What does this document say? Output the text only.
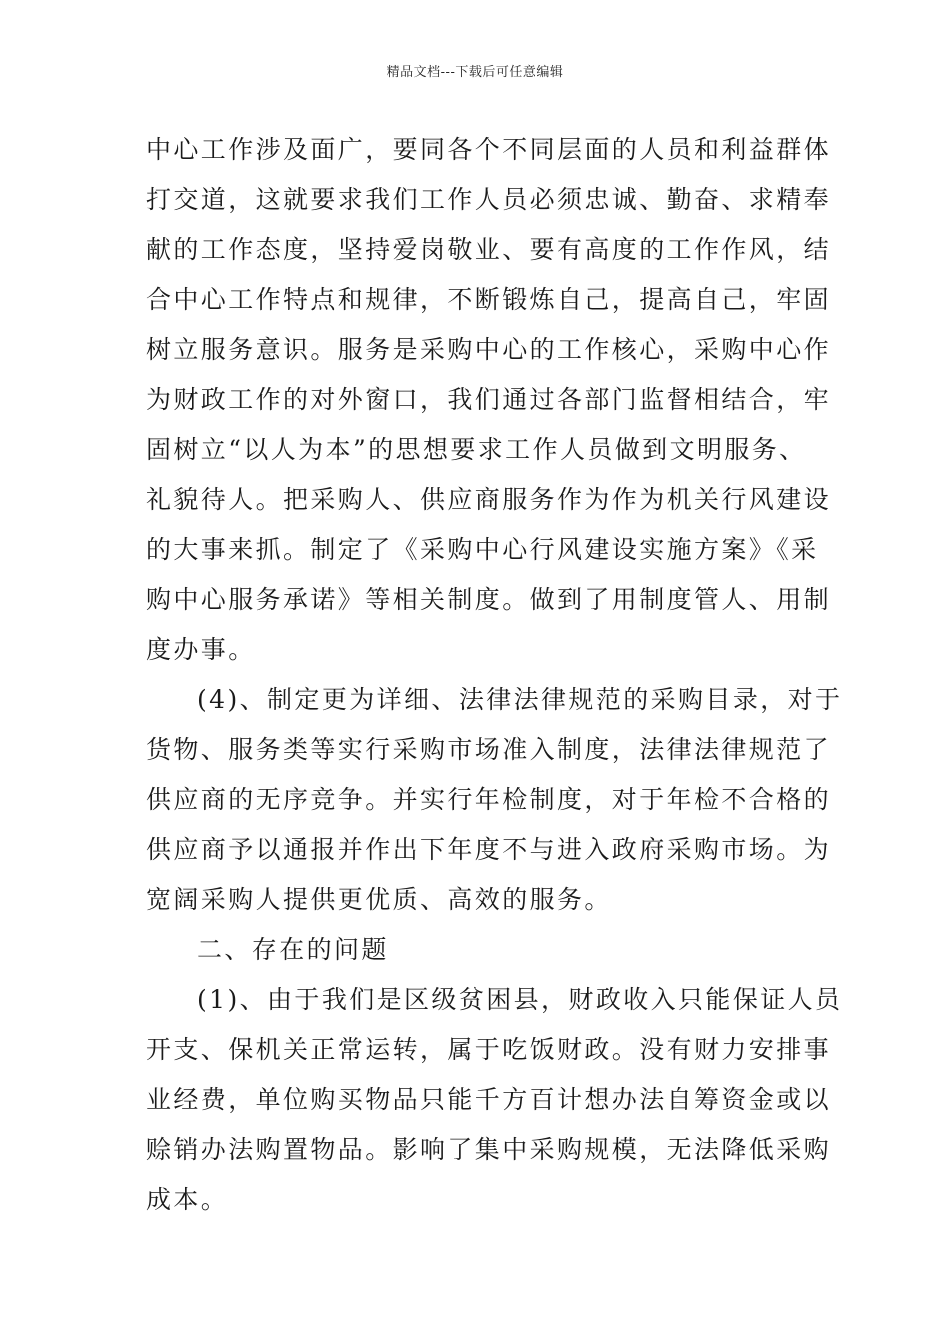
精品文档---下载后可任意编辑
中心工作涉及面广，要同各个不同层面的人员和利益群体
打交道，这就要求我们工作人员必须忠诚、勤奋、求精奉
献的工作态度，坚持爱岗敬业、要有高度的工作作风，结
合中心工作特点和规律，不断锻炼自己，提高自己，牢固
树立服务意识。服务是采购中心的工作核心，采购中心作
为财政工作的对外窗口，我们通过各部门监督相结合，牢
固树立“以人为本”的思想要求工作人员做到文明服务、
礼貌待人。把采购人、供应商服务作为作为机关行风建设
的大事来抓。制定了《采购中心行风建设实施方案》《采
购中心服务承诺》等相关制度。做到了用制度管人、用制
度办事。
(4)、制定更为详细、法律法律规范的采购目录，对于
货物、服务类等实行采购市场准入制度，法律法律规范了
供应商的无序竞争。并实行年检制度，对于年检不合格的
供应商予以通报并作出下年度不与进入政府采购市场。为
宽阔采购人提供更优质、高效的服务。
二、存在的问题
(1)、由于我们是区级贫困县，财政收入只能保证人员
开支、保机关正常运转，属于吃饭财政。没有财力安排事
业经费，单位购买物品只能千方百计想办法自筹资金或以
赊销办法购置物品。影响了集中采购规模，无法降低采购
成本。
